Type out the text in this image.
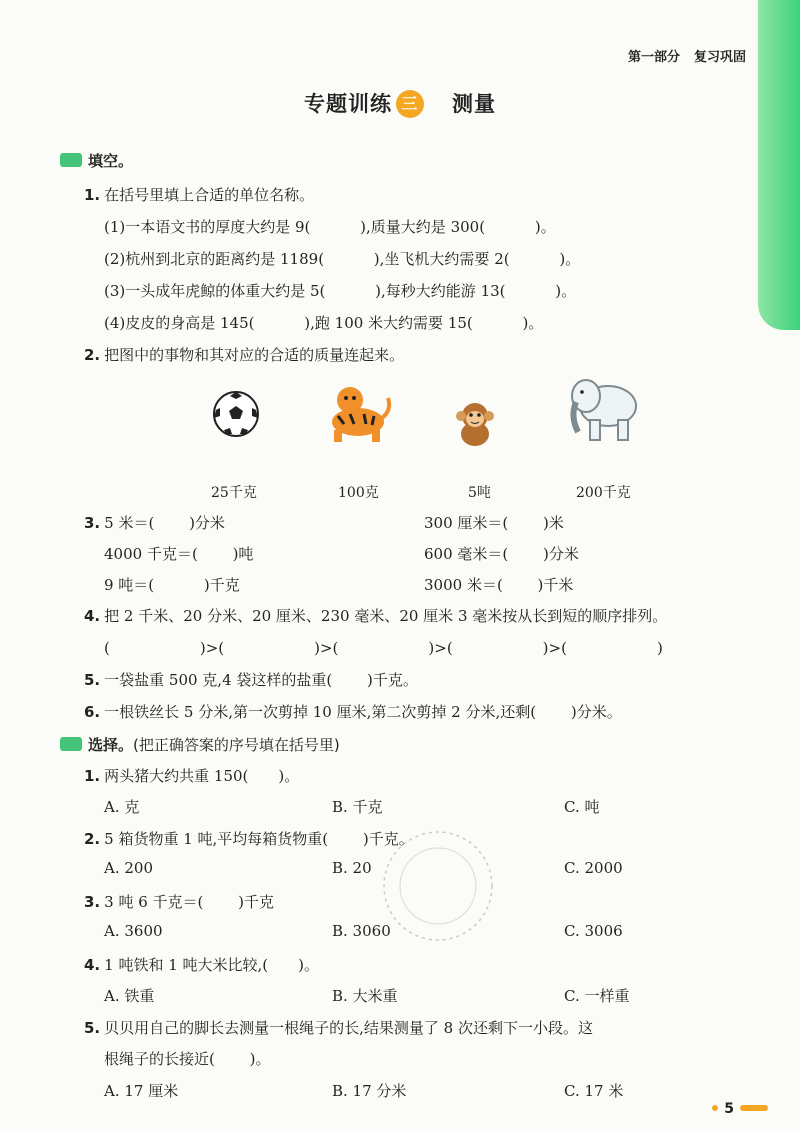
第一部分 复习巩固
专题训练 三 测量
填空。
1. 在括号里填上合适的单位名称。
(1)一本语文书的厚度大约是 9(　　　 ),质量大约是 300(　　　 )。
(2)杭州到北京的距离约是 1189(　　　 ),坐飞机大约需要 2(　　　 )。
(3)一头成年虎鲸的体重大约是 5(　　　 ),每秒大约能游 13(　　　 )。
(4)皮皮的身高是 145(　　　 ),跑 100 米大约需要 15(　　　 )。
2. 把图中的事物和其对应的合适的质量连起来。
25千克	100克	5吨	200千克
3. 5 米＝(　　 )分米	300 厘米＝(　　 )米
4000 千克＝(　　 )吨	600 毫米＝(　　 )分米
9 吨＝(　　　 )千克	3000 米＝(　　 )千米
4. 把 2 千米、20 分米、20 厘米、230 毫米、20 厘米 3 毫米按从长到短的顺序排列。
(　　　　　　)>(　　　　　　)>(　　　　　　)>(　　　　　　)>(　　　　　　)
5. 一袋盐重 500 克,4 袋这样的盐重(　　 )千克。
6. 一根铁丝长 5 分米,第一次剪掉 10 厘米,第二次剪掉 2 分米,还剩(　　 )分米。
选择。(把正确答案的序号填在括号里)
1. 两头猪大约共重 150(　　)。
A. 克	B. 千克	C. 吨
2. 5 箱货物重 1 吨,平均每箱货物重(　　 )千克。
A. 200	B. 20	C. 2000
3. 3 吨 6 千克＝(　　 )千克
A. 3600	B. 3060	C. 3006
4. 1 吨铁和 1 吨大米比较,(　　)。
A. 铁重	B. 大米重	C. 一样重
5. 贝贝用自己的脚长去测量一根绳子的长,结果测量了 8 次还剩下一小段。这
根绳子的长接近(　　 )。
A. 17 厘米	B. 17 分米	C. 17 米
5
